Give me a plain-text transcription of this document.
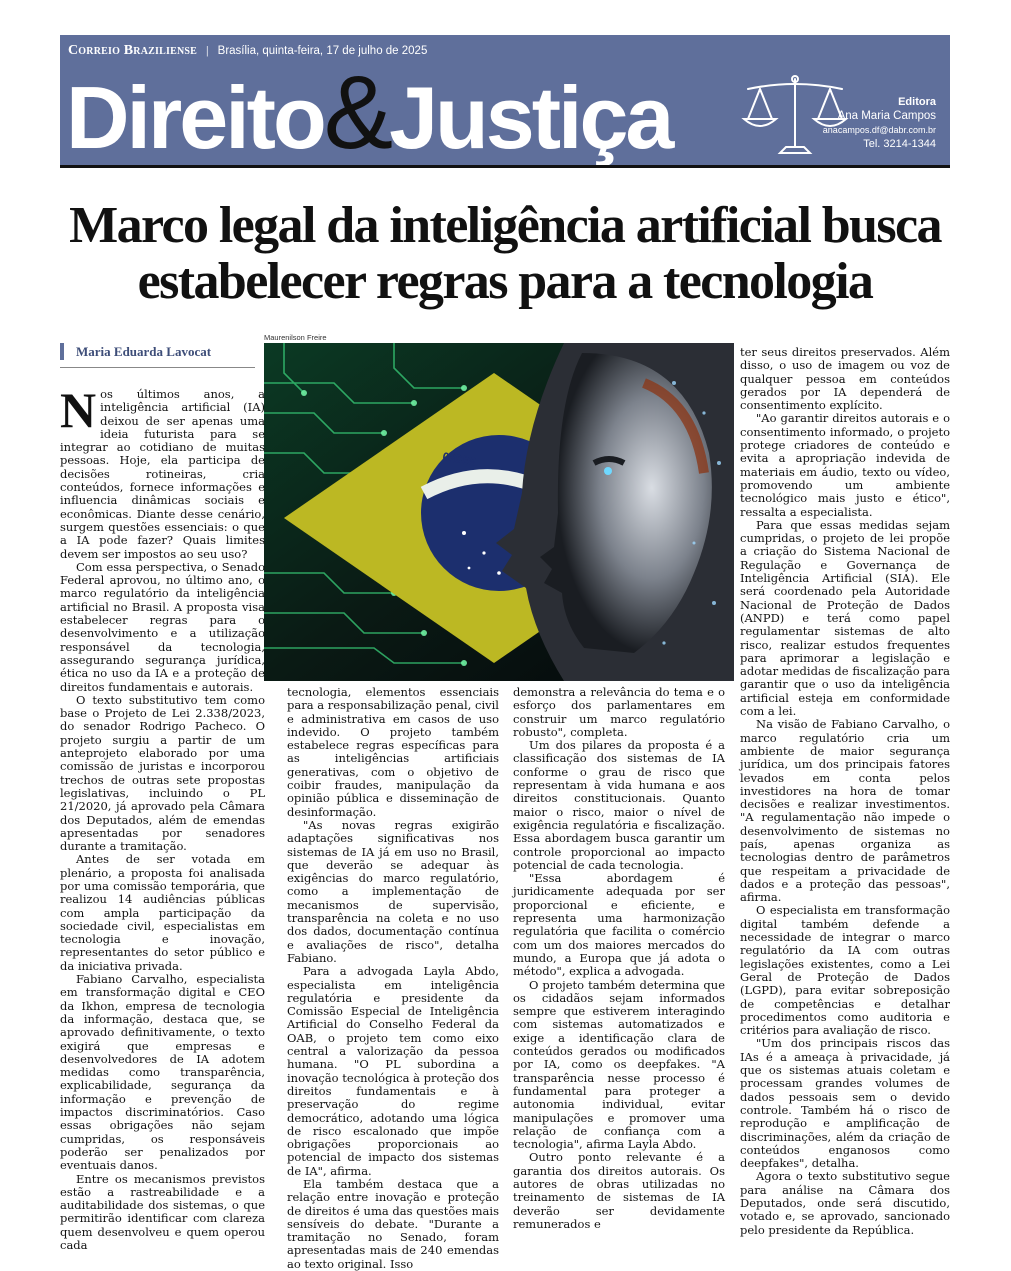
Correio Braziliense | Brasília, quinta-feira, 17 de julho de 2025
Direito&Justiça	Editora
Ana Maria Campos
anacampos.df@dabr.com.br
Tel. 3214-1344
Marco legal da inteligência artificial busca estabelecer regras para a tecnologia
Maria Eduarda Lavocat
Maurenilson Freire
ORDEM

Nos últimos anos, a inteligência artificial (IA) deixou de ser apenas uma ideia futurista para se integrar ao cotidiano de muitas pessoas. Hoje, ela participa de decisões rotineiras, cria conteúdos, fornece informações e influencia dinâmicas sociais e econômicas. Diante desse cenário, surgem questões essenciais: o que a IA pode fazer? Quais limites devem ser impostos ao seu uso?

Com essa perspectiva, o Senado Federal aprovou, no último ano, o marco regulatório da inteligência artificial no Brasil. A proposta visa estabelecer regras para o desenvolvimento e a utilização responsável da tecnologia, assegurando segurança jurídica, ética no uso da IA e a proteção de direitos fundamentais e autorais.

O texto substitutivo tem como base o Projeto de Lei 2.338/2023, do senador Rodrigo Pacheco. O projeto surgiu a partir de um anteprojeto elaborado por uma comissão de juristas e incorporou trechos de outras sete propostas legislativas, incluindo o PL 21/2020, já aprovado pela Câmara dos Deputados, além de emendas apresentadas por senadores durante a tramitação.

Antes de ser votada em plenário, a proposta foi analisada por uma comissão temporária, que realizou 14 audiências públicas com ampla participação da sociedade civil, especialistas em tecnologia e inovação, representantes do setor público e da iniciativa privada.

Fabiano Carvalho, especialista em transformação digital e CEO da Ikhon, empresa de tecnologia da informação, destaca que, se aprovado definitivamente, o texto exigirá que empresas e desenvolvedores de IA adotem medidas como transparência, explicabilidade, segurança da informação e prevenção de impactos discriminatórios. Caso essas obrigações não sejam cumpridas, os responsáveis poderão ser penalizados por eventuais danos.

Entre os mecanismos previstos estão a rastreabilidade e a auditabilidade dos sistemas, o que permitirão identificar com clareza quem desenvolveu e quem operou cada

tecnologia, elementos essenciais para a responsabilização penal, civil e administrativa em casos de uso indevido. O projeto também estabelece regras específicas para as inteligências artificiais generativas, com o objetivo de coibir fraudes, manipulação da opinião pública e disseminação de desinformação.

"As novas regras exigirão adaptações significativas nos sistemas de IA já em uso no Brasil, que deverão se adequar às exigências do marco regulatório, como a implementação de mecanismos de supervisão, transparência na coleta e no uso dos dados, documentação contínua e avaliações de risco", detalha Fabiano.

Para a advogada Layla Abdo, especialista em inteligência regulatória e presidente da Comissão Especial de Inteligência Artificial do Conselho Federal da OAB, o projeto tem como eixo central a valorização da pessoa humana. "O PL subordina a inovação tecnológica à proteção dos direitos fundamentais e à preservação do regime democrático, adotando uma lógica de risco escalonado que impõe obrigações proporcionais ao potencial de impacto dos sistemas de IA", afirma.

Ela também destaca que a relação entre inovação e proteção de direitos é uma das questões mais sensíveis do debate. "Durante a tramitação no Senado, foram apresentadas mais de 240 emendas ao texto original. Isso

demonstra a relevância do tema e o esforço dos parlamentares em construir um marco regulatório robusto", completa.

Um dos pilares da proposta é a classificação dos sistemas de IA conforme o grau de risco que representam à vida humana e aos direitos constitucionais. Quanto maior o risco, maior o nível de exigência regulatória e fiscalização. Essa abordagem busca garantir um controle proporcional ao impacto potencial de cada tecnologia.

"Essa abordagem é juridicamente adequada por ser proporcional e eficiente, e representa uma harmonização regulatória que facilita o comércio com um dos maiores mercados do mundo, a Europa que já adota o método", explica a advogada.

O projeto também determina que os cidadãos sejam informados sempre que estiverem interagindo com sistemas automatizados e exige a identificação clara de conteúdos gerados ou modificados por IA, como os deepfakes. "A transparência nesse processo é fundamental para proteger a autonomia individual, evitar manipulações e promover uma relação de confiança com a tecnologia", afirma Layla Abdo.

Outro ponto relevante é a garantia dos direitos autorais. Os autores de obras utilizadas no treinamento de sistemas de IA deverão ser devidamente remunerados e

ter seus direitos preservados. Além disso, o uso de imagem ou voz de qualquer pessoa em conteúdos gerados por IA dependerá de consentimento explícito.

"Ao garantir direitos autorais e o consentimento informado, o projeto protege criadores de conteúdo e evita a apropriação indevida de materiais em áudio, texto ou vídeo, promovendo um ambiente tecnológico mais justo e ético", ressalta a especialista.

Para que essas medidas sejam cumpridas, o projeto de lei propõe a criação do Sistema Nacional de Regulação e Governança de Inteligência Artificial (SIA). Ele será coordenado pela Autoridade Nacional de Proteção de Dados (ANPD) e terá como papel regulamentar sistemas de alto risco, realizar estudos frequentes para aprimorar a legislação e adotar medidas de fiscalização para garantir que o uso da inteligência artificial esteja em conformidade com a lei.

Na visão de Fabiano Carvalho, o marco regulatório cria um ambiente de maior segurança jurídica, um dos principais fatores levados em conta pelos investidores na hora de tomar decisões e realizar investimentos. "A regulamentação não impede o desenvolvimento de sistemas no país, apenas organiza as tecnologias dentro de parâmetros que respeitam a privacidade de dados e a proteção das pessoas", afirma.

O especialista em transformação digital também defende a necessidade de integrar o marco regulatório da IA com outras legislações existentes, como a Lei Geral de Proteção de Dados (LGPD), para evitar sobreposição de competências e detalhar procedimentos como auditoria e critérios para avaliação de risco.

"Um dos principais riscos das IAs é a ameaça à privacidade, já que os sistemas atuais coletam e processam grandes volumes de dados pessoais sem o devido controle. Também há o risco de reprodução e amplificação de discriminações, além da criação de conteúdos enganosos como deepfakes", detalha.

Agora o texto substitutivo segue para análise na Câmara dos Deputados, onde será discutido, votado e, se aprovado, sancionado pelo presidente da República.
